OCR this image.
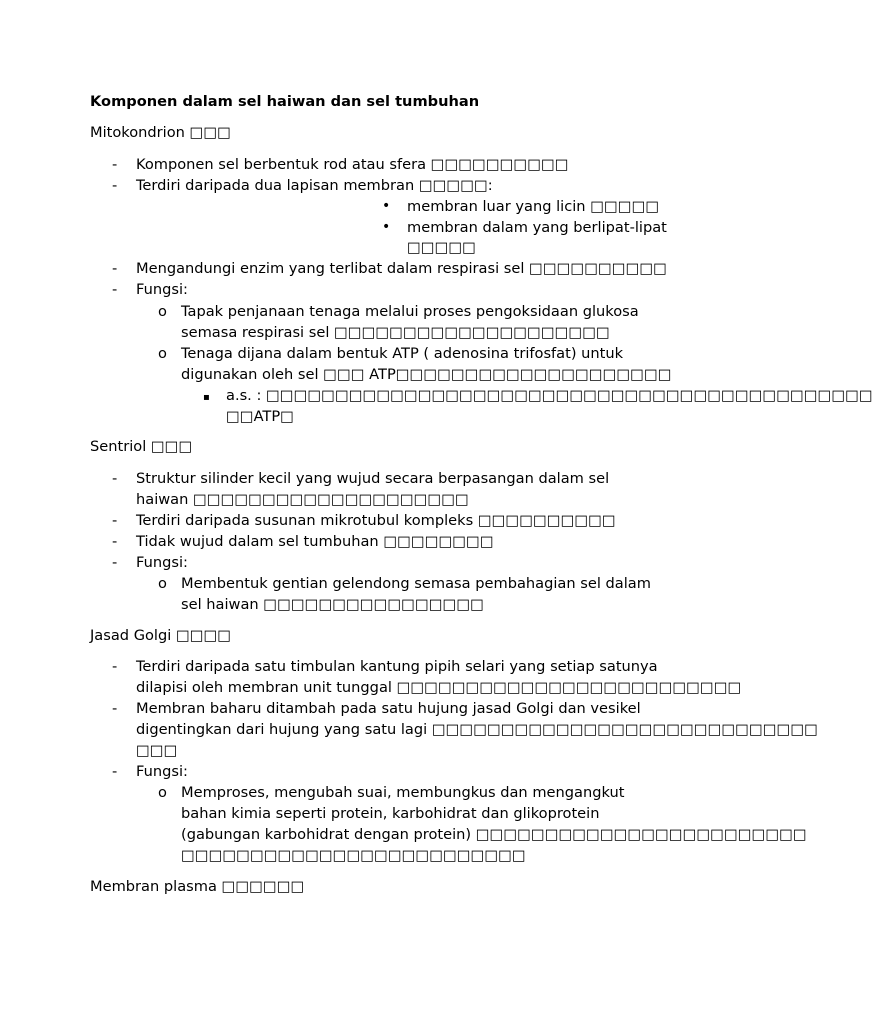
Komponen dalam sel haiwan dan sel tumbuhan

Mitokondrion □□□

- Komponen sel berbentuk rod atau sfera □□□□□□□□□□
- Terdiri daripada dua lapisan membran □□□□□:
• membran luar yang licin □□□□□
• membran dalam yang berlipat-lipat
□□□□□
- Mengandungi enzim yang terlibat dalam respirasi sel □□□□□□□□□□
- Fungsi:
o Tapak penjanaan tenaga melalui proses pengoksidaan glukosa
semasa respirasi sel □□□□□□□□□□□□□□□□□□□□
o Tenaga dijana dalam bentuk ATP ( adenosina trifosfat) untuk
digunakan oleh sel □□□ ATP□□□□□□□□□□□□□□□□□□□□
▪ a.s. : □□□□□□□□□□□□□□□□□□□□□□□□□□□□□□□□□□□□□□□□□□□□
□□ATP□

Sentriol □□□

- Struktur silinder kecil yang wujud secara berpasangan dalam sel
haiwan □□□□□□□□□□□□□□□□□□□□
- Terdiri daripada susunan mikrotubul kompleks □□□□□□□□□□
- Tidak wujud dalam sel tumbuhan □□□□□□□□
- Fungsi:
o Membentuk gentian gelendong semasa pembahagian sel dalam
sel haiwan □□□□□□□□□□□□□□□□

Jasad Golgi □□□□

- Terdiri daripada satu timbulan kantung pipih selari yang setiap satunya
dilapisi oleh membran unit tunggal □□□□□□□□□□□□□□□□□□□□□□□□□
- Membran baharu ditambah pada satu hujung jasad Golgi dan vesikel
digentingkan dari hujung yang satu lagi □□□□□□□□□□□□□□□□□□□□□□□□□□□□
□□□
- Fungsi:
o Memproses, mengubah suai, membungkus dan mengangkut
bahan kimia seperti protein, karbohidrat dan glikoprotein
(gabungan karbohidrat dengan protein) □□□□□□□□□□□□□□□□□□□□□□□□
□□□□□□□□□□□□□□□□□□□□□□□□□

Membran plasma □□□□□□
